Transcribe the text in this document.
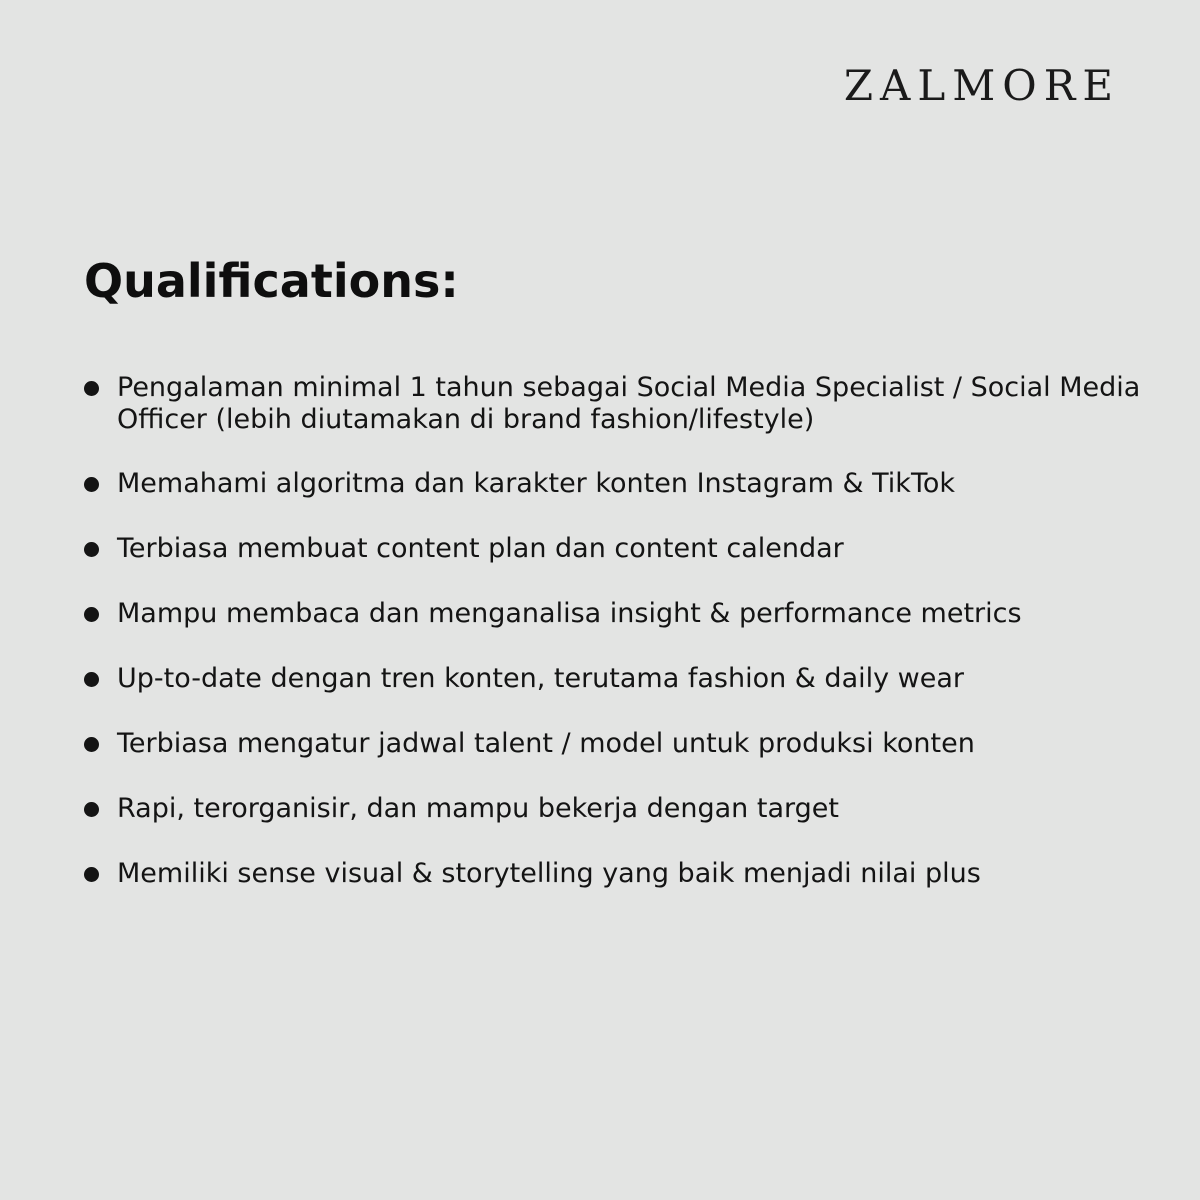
ZALMORE
Qualifications:
Pengalaman minimal 1 tahun sebagai Social Media Specialist / Social Media Officer (lebih diutamakan di brand fashion/lifestyle)
Memahami algoritma dan karakter konten Instagram & TikTok
Terbiasa membuat content plan dan content calendar
Mampu membaca dan menganalisa insight & performance metrics
Up-to-date dengan tren konten, terutama fashion & daily wear
Terbiasa mengatur jadwal talent / model untuk produksi konten
Rapi, terorganisir, dan mampu bekerja dengan target
Memiliki sense visual & storytelling yang baik menjadi nilai plus
